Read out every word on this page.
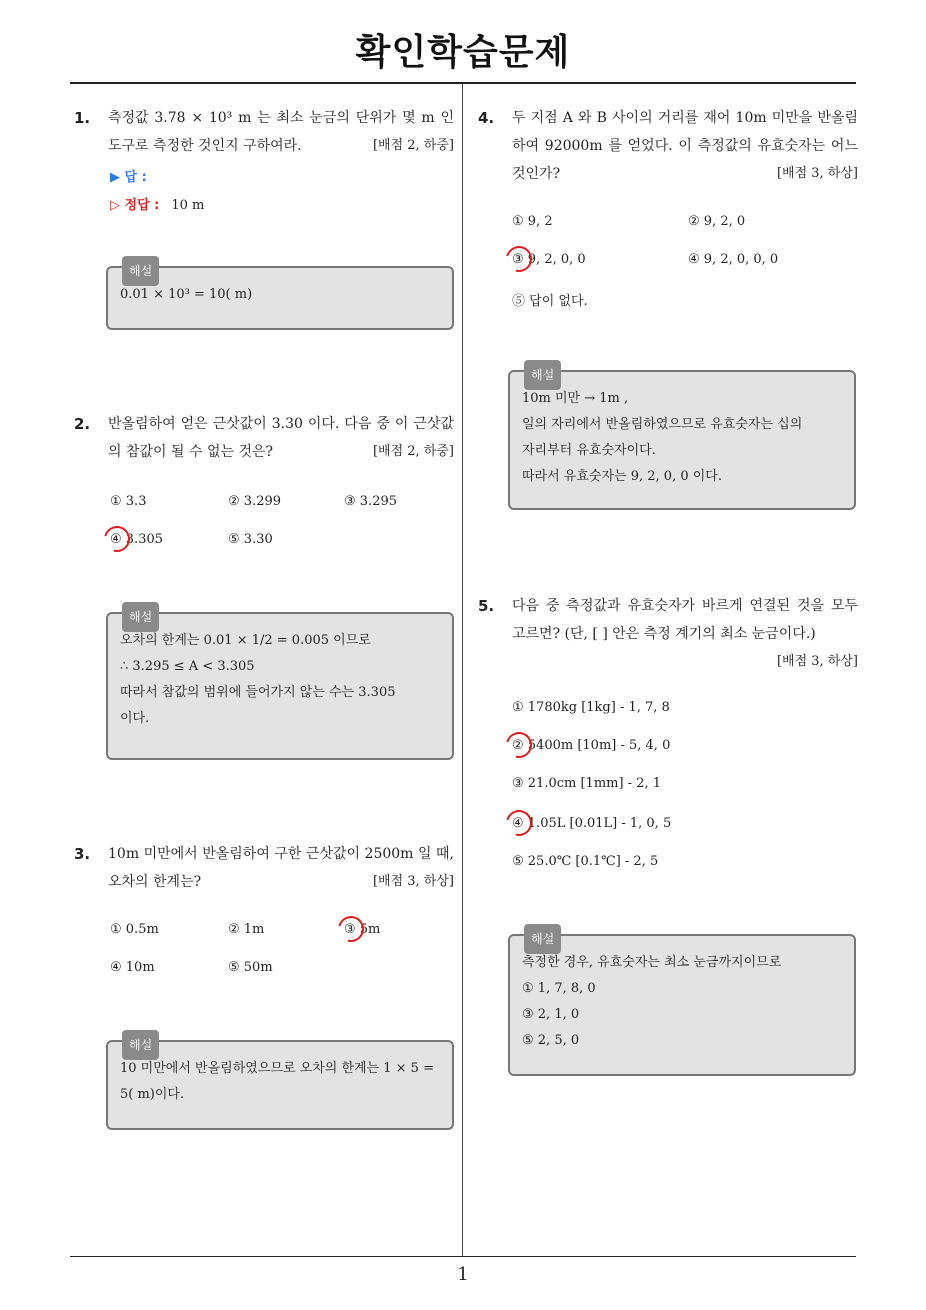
확인학습문제
1. 측정값 3.78 × 10³ m 는 최소 눈금의 단위가 몇 m 인 도구로 측정한 것인지 구하여라.	[배점 2, 하중]
▶ 답 :
▷ 정답 : 10 m
해설
0.01 × 10³ = 10( m)
2. 반올림하여 얻은 근삿값이 3.30 이다. 다음 중 이 근삿값의 참값이 될 수 없는 것은?	[배점 2, 하중]
① 3.3	② 3.299	③ 3.295
④ 3.305	⑤ 3.30
해설
오차의 한계는 0.01 × 1/2 = 0.005 이므로
∴ 3.295 ≤ A < 3.305
따라서 참값의 범위에 들어가지 않는 수는 3.305
이다.
3. 10m 미만에서 반올림하여 구한 근삿값이 2500m 일 때, 오차의 한계는?	[배점 3, 하상]
① 0.5m	② 1m	③ 5m
④ 10m	⑤ 50m
해설
10 미만에서 반올림하였으므로 오차의 한계는 1 × 5 = 5( m)이다.
4. 두 지점 A 와 B 사이의 거리를 재어 10m 미만을 반올림하여 92000m 를 얻었다. 이 측정값의 유효숫자는 어느 것인가?	[배점 3, 하상]
① 9, 2	② 9, 2, 0
③ 9, 2, 0, 0	④ 9, 2, 0, 0, 0
⑤ 답이 없다.
해설
10m 미만 → 1m ,
일의 자리에서 반올림하였으므로 유효숫자는 십의
자리부터 유효숫자이다.
따라서 유효숫자는 9, 2, 0, 0 이다.
5. 다음 중 측정값과 유효숫자가 바르게 연결된 것을 모두 고르면? (단, [ ] 안은 측정 계기의 최소 눈금이다.)
[배점 3, 하상]
① 1780kg [1kg] - 1, 7, 8
② 5400m [10m] - 5, 4, 0
③ 21.0cm [1mm] - 2, 1
④ 1.05L [0.01L] - 1, 0, 5
⑤ 25.0℃ [0.1℃] - 2, 5
해설
측정한 경우, 유효숫자는 최소 눈금까지이므로
① 1, 7, 8, 0
③ 2, 1, 0
⑤ 2, 5, 0
1
